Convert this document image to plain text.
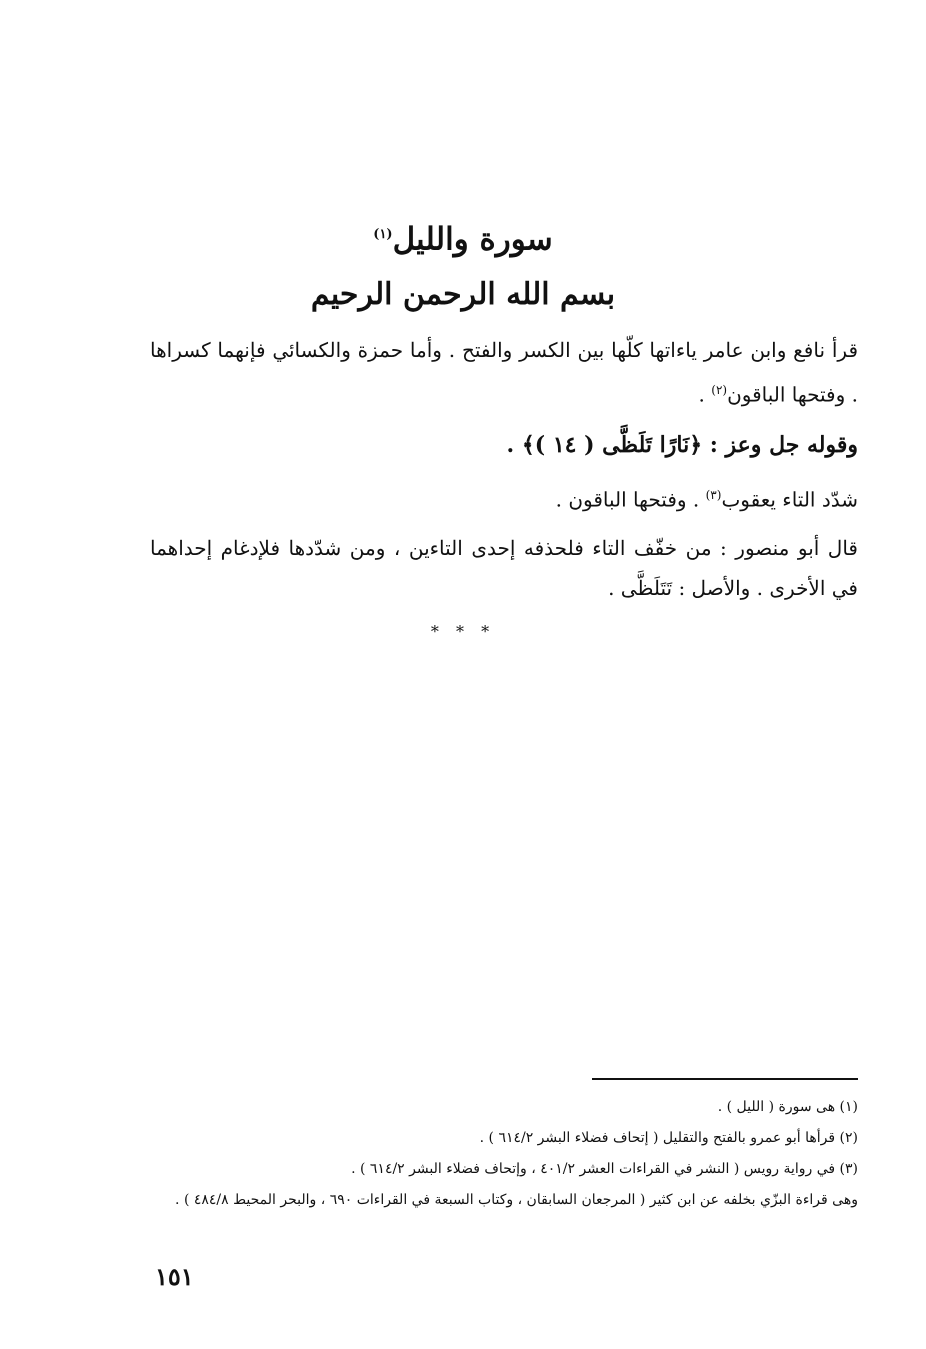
سورة والليل$^{(١)}$
بسم الله الرحمن الرحيم
قرأ نافع وابن عامر ياءاتها كلّها بين الكسر والفتح . وأما حمزة والكسائي فإنهما كسراها . وفتحها الباقون$^{(٢)}$ .
وقوله جل وعز : ﴿نَارًا تَلَظَّى ( ١٤ )﴾ .
شدّد التاء يعقوب$^{(٣)}$ . وفتحها الباقون .
قال أبو منصور : من خفّف التاء فلحذفه إحدى التاءين ، ومن شدّدها فلإدغام إحداهما في الأخرى . والأصل : تَتَلَظَّى .
* * *
(١) هى سورة ( الليل ) .
(٢) قرأها أبو عمرو بالفتح والتقليل ( إتحاف فضلاء البشر ٦١٤/٢ ) .
(٣) في رواية رويس ( النشر في القراءات العشر ٤٠١/٢ ، وإتحاف فضلاء البشر ٦١٤/٢ ) .
وهى قراءة البزّي بخلفه عن ابن كثير ( المرجعان السابقان ، وكتاب السبعة في القراءات ٦٩٠ ، والبحر المحيط ٤٨٤/٨ ) .
١٥١
